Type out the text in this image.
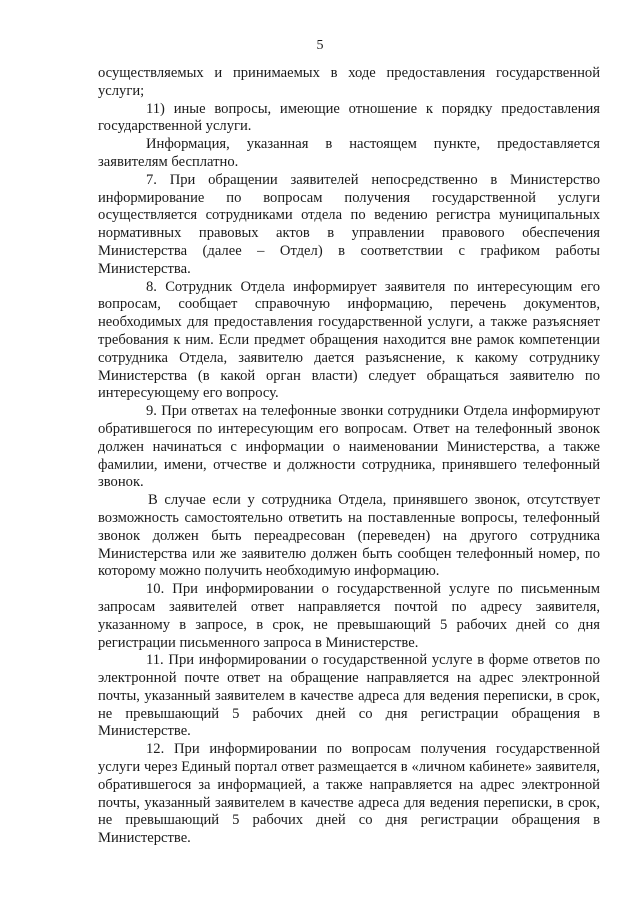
5

осуществляемых и принимаемых в ходе предоставления государственной услуги;

11) иные вопросы, имеющие отношение к порядку предоставления государственной услуги.

Информация, указанная в настоящем пункте, предоставляется заявителям бесплатно.

7. При обращении заявителей непосредственно в Министерство информирование по вопросам получения государственной услуги осуществляется сотрудниками отдела по ведению регистра муниципальных нормативных правовых актов в управлении правового обеспечения Министерства (далее – Отдел) в соответствии с графиком работы Министерства.

8. Сотрудник Отдела информирует заявителя по интересующим его вопросам, сообщает справочную информацию, перечень документов, необходимых для предоставления государственной услуги, а также разъясняет требования к ним. Если предмет обращения находится вне рамок компетенции сотрудника Отдела, заявителю дается разъяснение, к какому сотруднику Министерства (в какой орган власти) следует обращаться заявителю по интересующему его вопросу.

9. При ответах на телефонные звонки сотрудники Отдела информируют обратившегося по интересующим его вопросам. Ответ на телефонный звонок должен начинаться с информации о наименовании Министерства, а также фамилии, имени, отчестве и должности сотрудника, принявшего телефонный звонок.

В случае если у сотрудника Отдела, принявшего звонок, отсутствует возможность самостоятельно ответить на поставленные вопросы, телефонный звонок должен быть переадресован (переведен) на другого сотрудника Министерства или же заявителю должен быть сообщен телефонный номер, по которому можно получить необходимую информацию.

10. При информировании о государственной услуге по письменным запросам заявителей ответ направляется почтой по адресу заявителя, указанному в запросе, в срок, не превышающий 5 рабочих дней со дня регистрации письменного запроса в Министерстве.

11. При информировании о государственной услуге в форме ответов по электронной почте ответ на обращение направляется на адрес электронной почты, указанный заявителем в качестве адреса для ведения переписки, в срок, не превышающий 5 рабочих дней со дня регистрации обращения в Министерстве.

12. При информировании по вопросам получения государственной услуги через Единый портал ответ размещается в «личном кабинете» заявителя, обратившегося за информацией, а также направляется на адрес электронной почты, указанный заявителем в качестве адреса для ведения переписки, в срок, не превышающий 5 рабочих дней со дня регистрации обращения в Министерстве.
